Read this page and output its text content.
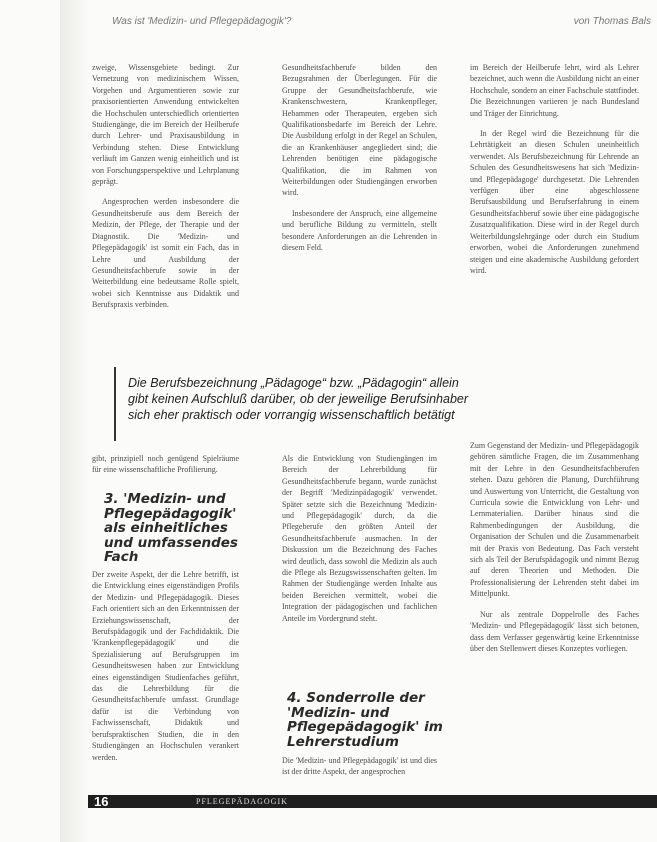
Was ist 'Medizin- und Pflegepädagogik'?	von Thomas Bals

zweige, Wissensgebiete bedingt. Zur Vernetzung von medizinischem Wissen, Vorgehen und Argumentieren sowie zur praxisorientierten Anwendung entwickelten die Hochschulen unterschiedlich orientierten Studiengänge, die im Bereich der Heilberufe durch Lehrer- und Praxisausbildung in Verbindung stehen. Diese Entwicklung verläuft im Ganzen wenig einheitlich und ist von Forschungsperspektive und Lehrplanung geprägt.

Angesprochen werden insbesondere die Gesundheitsberufe aus dem Bereich der Medizin, der Pflege, der Therapie und der Diagnostik. Die 'Medizin- und Pflegepädagogik' ist somit ein Fach, das in Lehre und Ausbildung der Gesundheitsfachberufe sowie in der Weiterbildung eine bedeutsame Rolle spielt, wobei sich Kenntnisse aus Didaktik und Berufspraxis verbinden.

Gesundheitsfachberufe bilden den Bezugsrahmen der Überlegungen. Für die Gruppe der Gesundheitsfachberufe, wie Krankenschwestern, Krankenpfleger, Hebammen oder Therapeuten, ergeben sich Qualifikationsbedarfe im Bereich der Lehre. Die Ausbildung erfolgt in der Regel an Schulen, die an Krankenhäuser angegliedert sind; die Lehrenden benötigen eine pädagogische Qualifikation, die im Rahmen von Weiterbildungen oder Studiengängen erworben wird.

Insbesondere der Anspruch, eine allgemeine und berufliche Bildung zu vermitteln, stellt besondere Anforderungen an die Lehrenden in diesem Feld.

im Bereich der Heilberufe lehrt, wird als Lehrer bezeichnet, auch wenn die Ausbildung nicht an einer Hochschule, sondern an einer Fachschule stattfindet. Die Bezeichnungen variieren je nach Bundesland und Träger der Einrichtung.

In der Regel wird die Bezeichnung für die Lehrtätigkeit an diesen Schulen uneinheitlich verwendet. Als Berufsbezeichnung für Lehrende an Schulen des Gesundheitswesens hat sich 'Medizin- und Pflegepädagoge' durchgesetzt. Die Lehrenden verfügen über eine abgeschlossene Berufsausbildung und Berufserfahrung in einem Gesundheitsfachberuf sowie über eine pädagogische Zusatzqualifikation. Diese wird in der Regel durch Weiterbildungslehrgänge oder durch ein Studium erworben, wobei die Anforderungen zunehmend steigen und eine akademische Ausbildung gefordert wird.

Die Berufsbezeichnung „Pädagoge“ bzw. „Pädagogin“ allein gibt keinen Aufschluß darüber, ob der jeweilige Berufsinhaber sich eher praktisch oder vorrangig wissenschaftlich betätigt

gibt, prinzipiell noch genügend Spielräume für eine wissenschaftliche Profilierung.

3. 'Medizin- und Pflegepädagogik' als einheitliches und umfassendes Fach

Der zweite Aspekt, der die Lehre betrifft, ist die Entwicklung eines eigenständigen Profils der Medizin- und Pflegepädagogik. Dieses Fach orientiert sich an den Erkenntnissen der Erziehungswissenschaft, der Berufspädagogik und der Fachdidaktik. Die 'Krankenpflegepädagogik' und die Spezialisierung auf Berufsgruppen im Gesundheitswesen haben zur Entwicklung eines eigenständigen Studienfaches geführt, das die Lehrerbildung für die Gesundheitsfachberufe umfasst. Grundlage dafür ist die Verbindung von Fachwissenschaft, Didaktik und berufspraktischen Studien, die in den Studiengängen an Hochschulen verankert werden.

Als die Entwicklung von Studiengängen im Bereich der Lehrerbildung für Gesundheitsfachberufe begann, wurde zunächst der Begriff 'Medizinpädagogik' verwendet. Später setzte sich die Bezeichnung 'Medizin- und Pflegepädagogik' durch, da die Pflegeberufe den größten Anteil der Gesundheitsfachberufe ausmachen. In der Diskussion um die Bezeichnung des Faches wird deutlich, dass sowohl die Medizin als auch die Pflege als Bezugswissenschaften gelten. Im Rahmen der Studiengänge werden Inhalte aus beiden Bereichen vermittelt, wobei die Integration der pädagogischen und fachlichen Anteile im Vordergrund steht.

4. Sonderrolle der 'Medizin- und Pflegepädagogik' im Lehrerstudium

Die 'Medizin- und Pflegepädagogik' ist und dies ist der dritte Aspekt, der angesprochen

Zum Gegenstand der Medizin- und Pflegepädagogik gehören sämtliche Fragen, die im Zusammenhang mit der Lehre in den Gesundheitsfachberufen stehen. Dazu gehören die Planung, Durchführung und Auswertung von Unterricht, die Gestaltung von Curricula sowie die Entwicklung von Lehr- und Lernmaterialien. Darüber hinaus sind die Rahmenbedingungen der Ausbildung, die Organisation der Schulen und die Zusammenarbeit mit der Praxis von Bedeutung. Das Fach versteht sich als Teil der Berufspädagogik und nimmt Bezug auf deren Theorien und Methoden. Die Professionalisierung der Lehrenden steht dabei im Mittelpunkt.

Nur als zentrale Doppelrolle des Faches 'Medizin- und Pflegepädagogik' lässt sich betonen, dass dem Verfasser gegenwärtig keine Erkenntnisse über den Stellenwert dieses Konzeptes vorliegen.

16	PFLEGEPÄDAGOGIK
